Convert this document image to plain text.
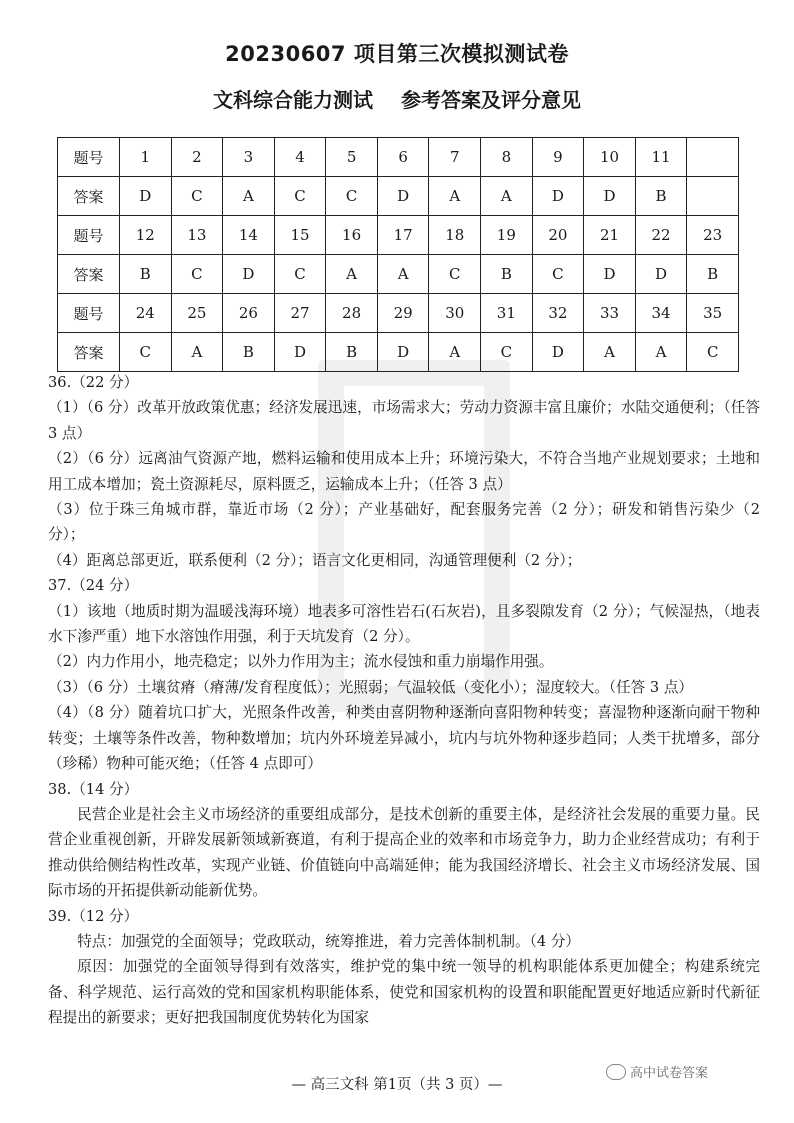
20230607 项目第三次模拟测试卷
文科综合能力测试 参考答案及评分意见
题号	1	2	3	4	5	6	7	8	9	10	11	
答案	D	C	A	C	C	D	A	A	D	D	B	
题号	12	13	14	15	16	17	18	19	20	21	22	23
答案	B	C	D	C	A	A	C	B	C	D	D	B
题号	24	25	26	27	28	29	30	31	32	33	34	35
答案	C	A	B	D	B	D	A	C	D	A	A	C

36.（22 分）

（1）（6 分）改革开放政策优惠；经济发展迅速，市场需求大；劳动力资源丰富且廉价；水陆交通便利；（任答 3 点）

（2）（6 分）远离油气资源产地，燃料运输和使用成本上升；环境污染大，不符合当地产业规划要求；土地和用工成本增加；瓷土资源耗尽，原料匮乏，运输成本上升；（任答 3 点）

（3）位于珠三角城市群，靠近市场（2 分）；产业基础好，配套服务完善（2 分）；研发和销售污染少（2 分）；

（4）距离总部更近，联系便利（2 分）；语言文化更相同，沟通管理便利（2 分）；

37.（24 分）

（1）该地（地质时期为温暖浅海环境）地表多可溶性岩石(石灰岩)，且多裂隙发育（2 分）；气候湿热，（地表水下渗严重）地下水溶蚀作用强，利于天坑发育（2 分）。

（2）内力作用小，地壳稳定；以外力作用为主；流水侵蚀和重力崩塌作用强。

（3）（6 分）土壤贫瘠（瘠薄/发育程度低）；光照弱；气温较低（变化小）；湿度较大。（任答 3 点）

（4）（8 分）随着坑口扩大，光照条件改善，种类由喜阴物种逐渐向喜阳物种转变；喜湿物种逐渐向耐干物种转变；土壤等条件改善，物种数增加；坑内外环境差异减小，坑内与坑外物种逐步趋同；人类干扰增多，部分（珍稀）物种可能灭绝；（任答 4 点即可）

38.（14 分）

民营企业是社会主义市场经济的重要组成部分，是技术创新的重要主体，是经济社会发展的重要力量。民营企业重视创新，开辟发展新领域新赛道，有利于提高企业的效率和市场竞争力，助力企业经营成功；有利于推动供给侧结构性改革，实现产业链、价值链向中高端延伸；能为我国经济增长、社会主义市场经济发展、国际市场的开拓提供新动能新优势。

39.（12 分）

特点：加强党的全面领导；党政联动，统筹推进，着力完善体制机制。（4 分）

原因：加强党的全面领导得到有效落实，维护党的集中统一领导的机构职能体系更加健全；构建系统完备、科学规范、运行高效的党和国家机构职能体系，使党和国家机构的设置和职能配置更好地适应新时代新征程提出的新要求；更好把我国制度优势转化为国家

— 高三文科 第1页（共 3 页）—
高中试卷答案
